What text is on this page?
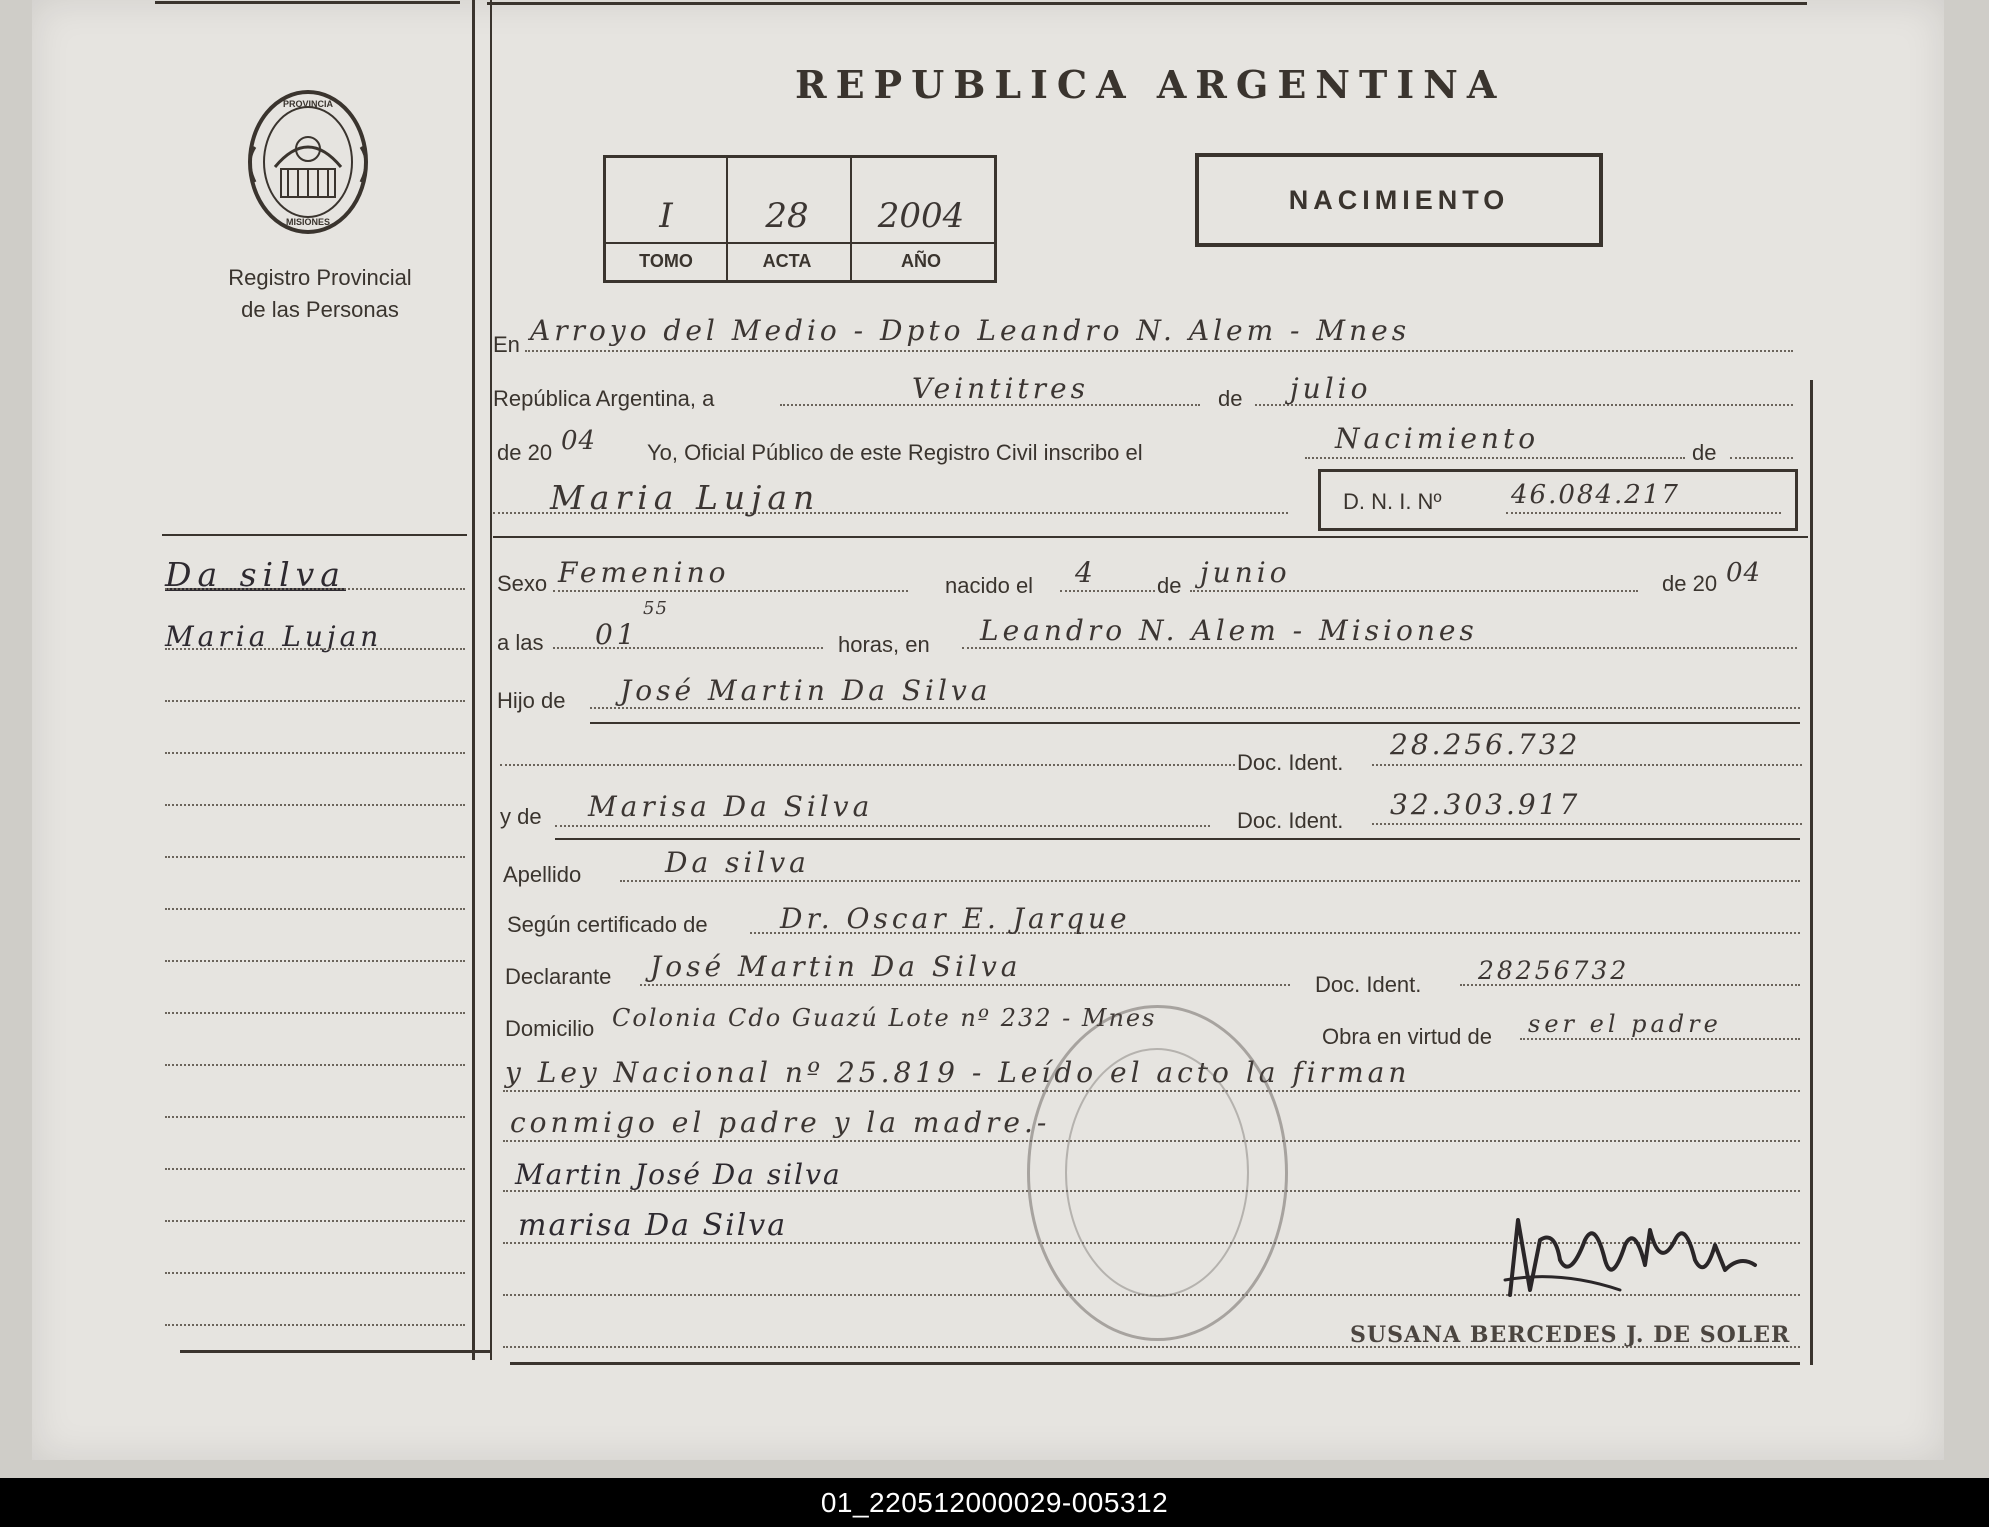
PROVINCIA
MISIONES
Registro Provincial
de las Personas
REPUBLICA ARGENTINA
I	28	2004
TOMO	ACTA	AÑO
NACIMIENTO
Da silva
Maria Lujan
En Arroyo del Medio - Dpto Leandro N. Alem - Mnes
República Argentina, a	Veintitres	de julio
de 20 04 Yo, Oficial Público de este Registro Civil inscribo el	Nacimiento	de
Maria Lujan	D. N. I. Nº	46.084.217
Sexo Femenino	nacido el 4	de junio	de 20 04
a las 01
55
horas, en Leandro N. Alem - Misiones
Hijo de José Martin Da Silva
Doc. Ident.
28.256.732
y de Marisa Da Silva	Doc. Ident. 32.303.917
Apellido	Da silva
Según certificado de	Dr. Oscar E. Jarque
Declarante José Martin Da Silva
Doc. Ident. 28256732
Domicilio Colonia Cdo Guazú Lote nº 232 - Mnes
Obra en virtud de ser el padre
y Ley Nacional nº 25.819 - Leído el acto la firman
conmigo el padre y la madre.-
Martin José Da silva
marisa Da Silva
SUSANA BERCEDES J. DE SOLER
01_220512000029-005312
